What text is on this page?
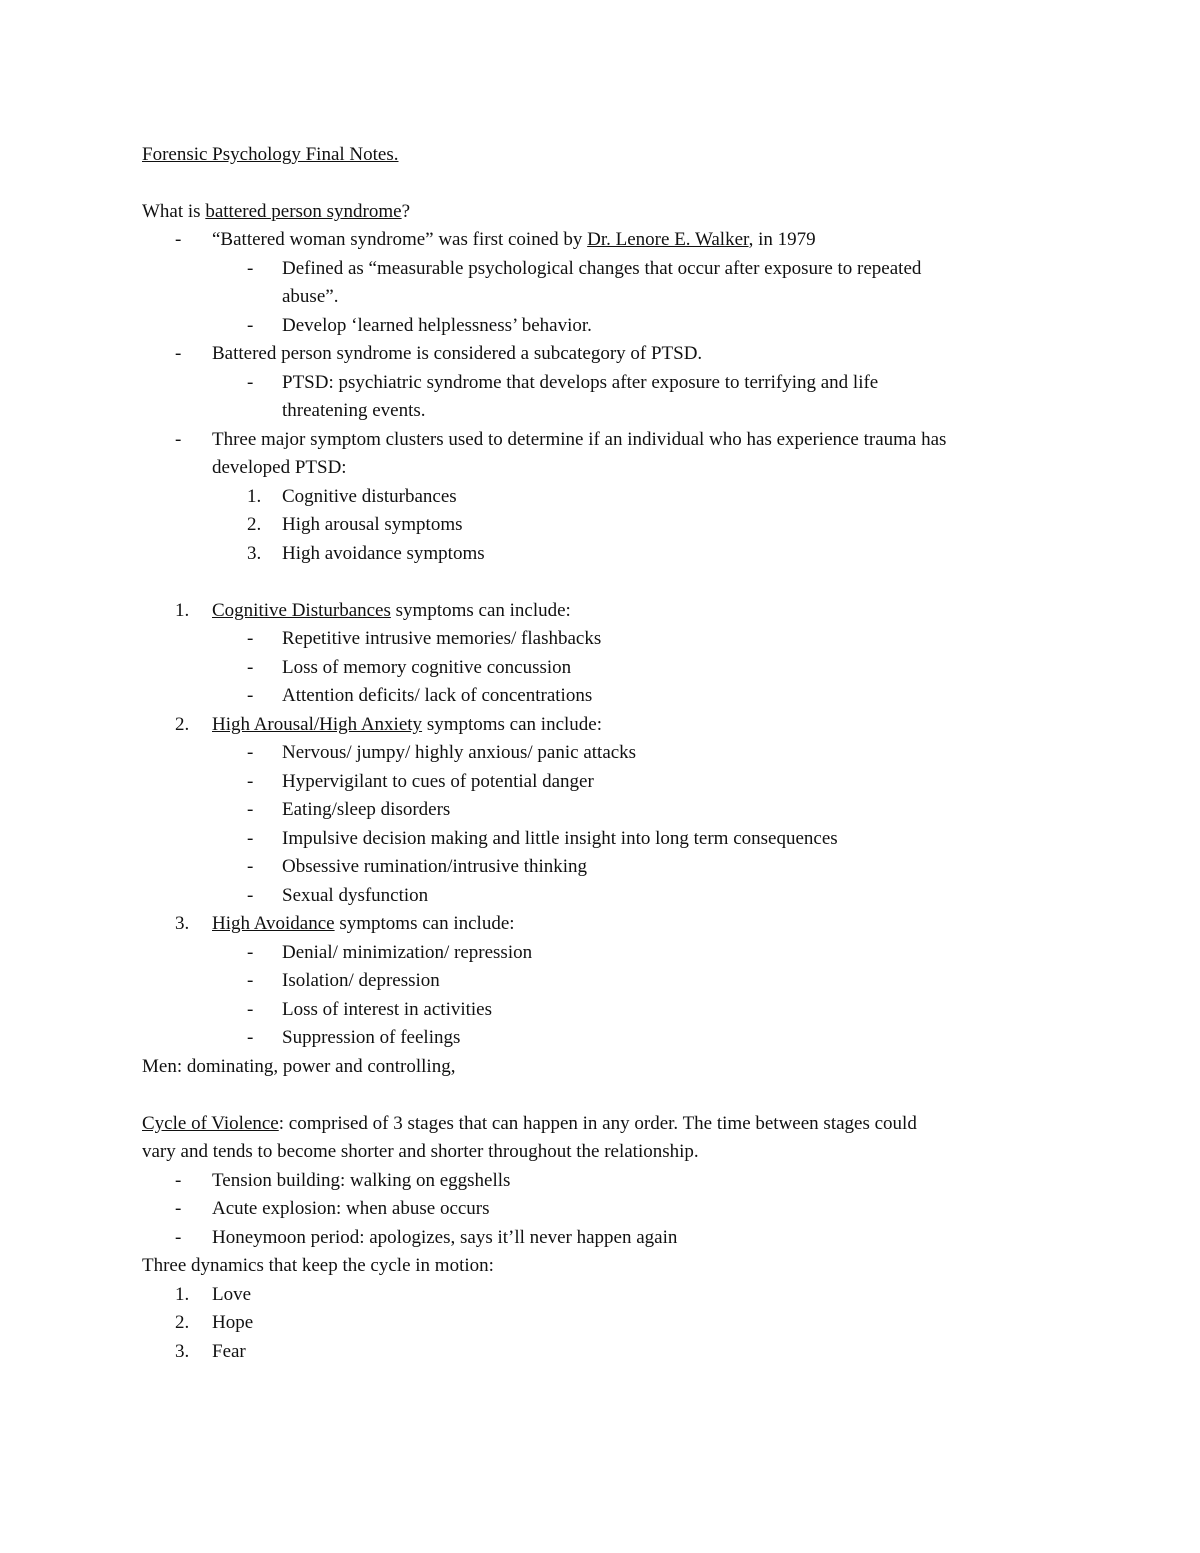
Forensic Psychology Final Notes.
What is battered person syndrome?
- “Battered woman syndrome” was first coined by Dr. Lenore E. Walker, in 1979
- Defined as “measurable psychological changes that occur after exposure to repeated
abuse”.
- Develop ‘learned helplessness’ behavior.
- Battered person syndrome is considered a subcategory of PTSD.
- PTSD: psychiatric syndrome that develops after exposure to terrifying and life
threatening events.
- Three major symptom clusters used to determine if an individual who has experience trauma has
developed PTSD:
1. Cognitive disturbances
2. High arousal symptoms
3. High avoidance symptoms
1. Cognitive Disturbances symptoms can include:
- Repetitive intrusive memories/ flashbacks
- Loss of memory cognitive concussion
- Attention deficits/ lack of concentrations
2. High Arousal/High Anxiety symptoms can include:
- Nervous/ jumpy/ highly anxious/ panic attacks
- Hypervigilant to cues of potential danger
- Eating/sleep disorders
- Impulsive decision making and little insight into long term consequences
- Obsessive rumination/intrusive thinking
- Sexual dysfunction
3. High Avoidance symptoms can include:
- Denial/ minimization/ repression
- Isolation/ depression
- Loss of interest in activities
- Suppression of feelings
Men: dominating, power and controlling,
Cycle of Violence: comprised of 3 stages that can happen in any order. The time between stages could
vary and tends to become shorter and shorter throughout the relationship.
- Tension building: walking on eggshells
- Acute explosion: when abuse occurs
- Honeymoon period: apologizes, says it’ll never happen again
Three dynamics that keep the cycle in motion:
1. Love
2. Hope
3. Fear
